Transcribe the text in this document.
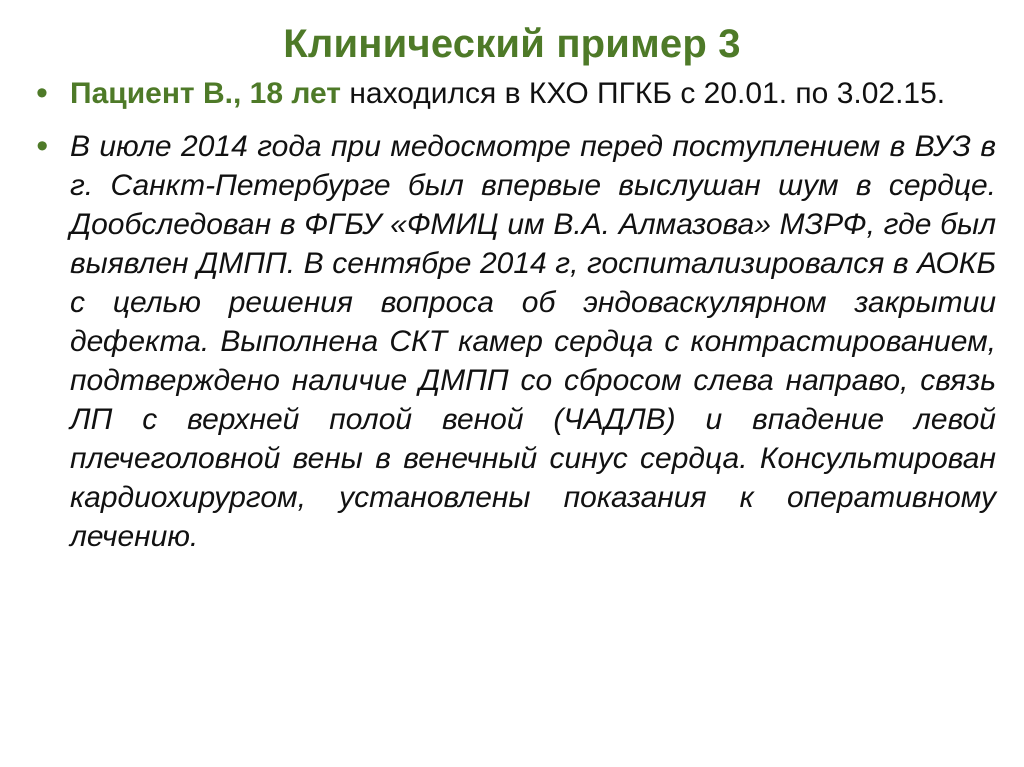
Клинический пример 3
• Пациент В., 18 лет находился в КХО ПГКБ с 20.01. по 3.02.15.
• В июле 2014 года при медосмотре перед поступлением в ВУЗ в г. Санкт-Петербурге был впервые выслушан шум в сердце. Дообследован в ФГБУ «ФМИЦ им В.А. Алмазова» МЗРФ, где был выявлен ДМПП. В сентябре 2014 г, госпитализировался в АОКБ с целью решения вопроса об эндоваскулярном закрытии дефекта. Выполнена СКТ камер сердца с контрастированием, подтверждено наличие ДМПП со сбросом слева направо, связь ЛП с верхней полой веной (ЧАДЛВ) и впадение левой плечеголовной вены в венечный синус сердца. Консультирован кардиохирургом, установлены показания к оперативному лечению.
